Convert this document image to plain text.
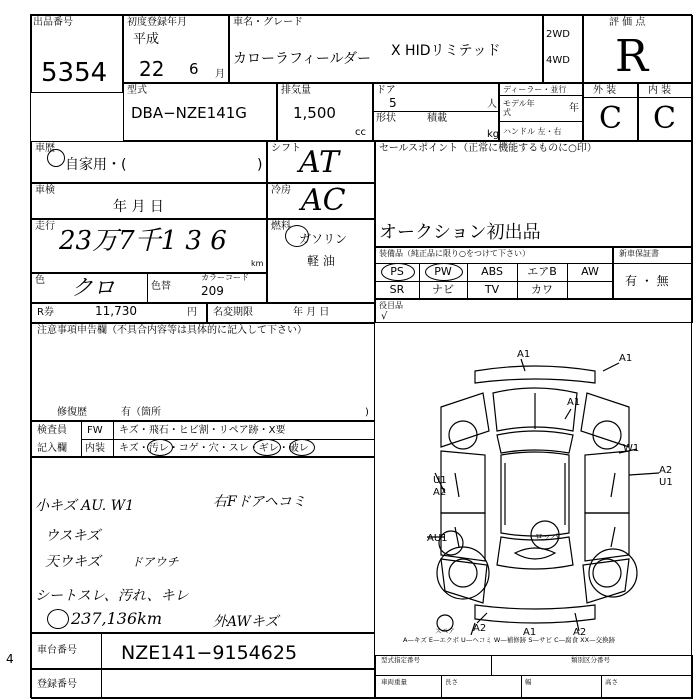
出品番号
5354
初度登録年月
平成
22 6 月
車名・グレード
カローラフィールダー X HIDリミテッド
2WD
4WD
評 価 点
R
型式
DBA−NZE141G
排気量
1,500
cc
ドア
5	人
形状	積載
kg
ディーラー・並行
モデル年式	年
ハンドル 左・右
外 装	内 装
C C
車歴
自家用・(	)
車検
年 月 日
走行 23万7千1 3 6
km
色 クロ	色替
カラーコード
209
R券	11,730	円
シフト
AT
冷房 AC
燃料
ガソリン
軽 油
名変期限	年 月 日
セールスポイント（正常に機能するものに○印）
オークション初出品
装備品（純正品に限り○をつけて下さい）
PS	PW	ABS	エアB	AW
SR	ナビ	TV	カワ
新車保証書
有 ・ 無
役目品
√
注意事項申告欄（不具合内容等は具体的に記入して下さい）
修復歴	有（箇所	)
検査員
記入欄
FW キズ・飛石・ヒビ割・リペア跡・X要
内装 キズ・汚レ・コゲ・穴・スレ・ギレ・破レ
小キズ AU. W1	右Fドアヘコミ
ウスキズ
天ウキズ	ドアウチ
シートスレ、汚れ、キレ
237,136km	外AWキズ
A1	A1
A1
W1
U1
A2
A2
U1
AU1
A2	A1	A2
ロッパ
スペア
A—キズ E—エクボ U—ヘコミ W—補修跡 S—サビ C—腐食 XX—交換跡
車台番号 NZE141−9154625
登録番号
型式指定番号	類別区分番号
車両重量	長さ	幅	高さ
4
